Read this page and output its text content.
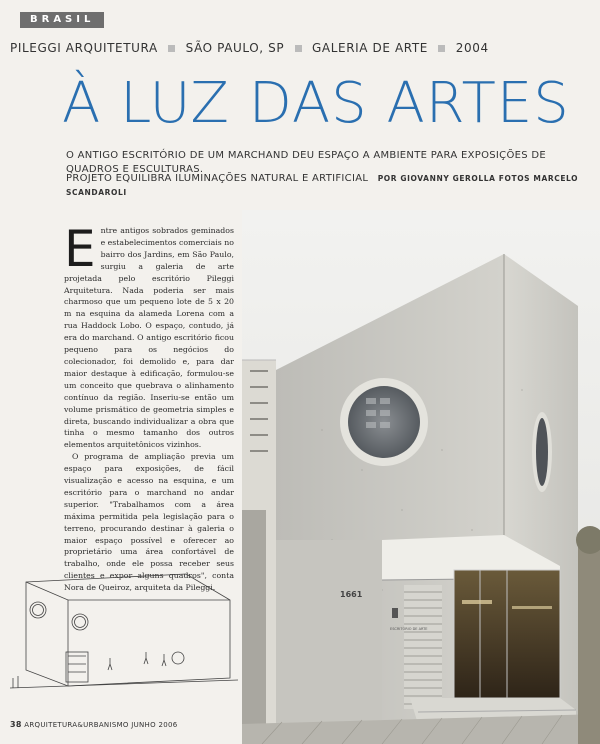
BRASIL
PILEGGI ARQUITETURA SÃO PAULO, SP GALERIA DE ARTE 2004
À LUZ DAS ARTES
O ANTIGO ESCRITÓRIO DE UM MARCHAND DEU ESPAÇO A AMBIENTE PARA EXPOSIÇÕES DE QUADROS E ESCULTURAS.
PROJETO EQUILIBRA ILUMINAÇÕES NATURAL E ARTIFICIAL POR GIOVANNY GEROLLA FOTOS MARCELO SCANDAROLI

Entre antigos sobrados geminados e estabelecimentos comerciais no bairro dos Jardins, em São Paulo, surgiu a galeria de arte projetada pelo escritório Pileggi Arquitetura. Nada poderia ser mais charmoso que um pequeno lote de 5 x 20 m na esquina da alameda Lorena com a rua Haddock Lobo. O espaço, contudo, já era do marchand. O antigo escritório ficou pequeno para os negócios do colecionador, foi demolido e, para dar maior destaque à edificação, formulou-se um conceito que quebrava o alinhamento contínuo da região. Inseriu-se então um volume prismático de geometria simples e direta, buscando individualizar a obra que tinha o mesmo tamanho dos outros elementos arquitetônicos vizinhos.

O programa de ampliação previa um espaço para exposições, de fácil visualização e acesso na esquina, e um escritório para o marchand no andar superior. "Trabalhamos com a área máxima permitida pela legislação para o terreno, procurando destinar à galeria o maior espaço possível e oferecer ao proprietário uma área confortável de trabalho, onde ele possa receber seus clientes e expor alguns quadros", conta Nora de Queiroz, arquiteta da Pileggi.

1661
ESCRITÓRIO DE ARTE
38 ARQUITETURA&URBANISMO JUNHO 2006
